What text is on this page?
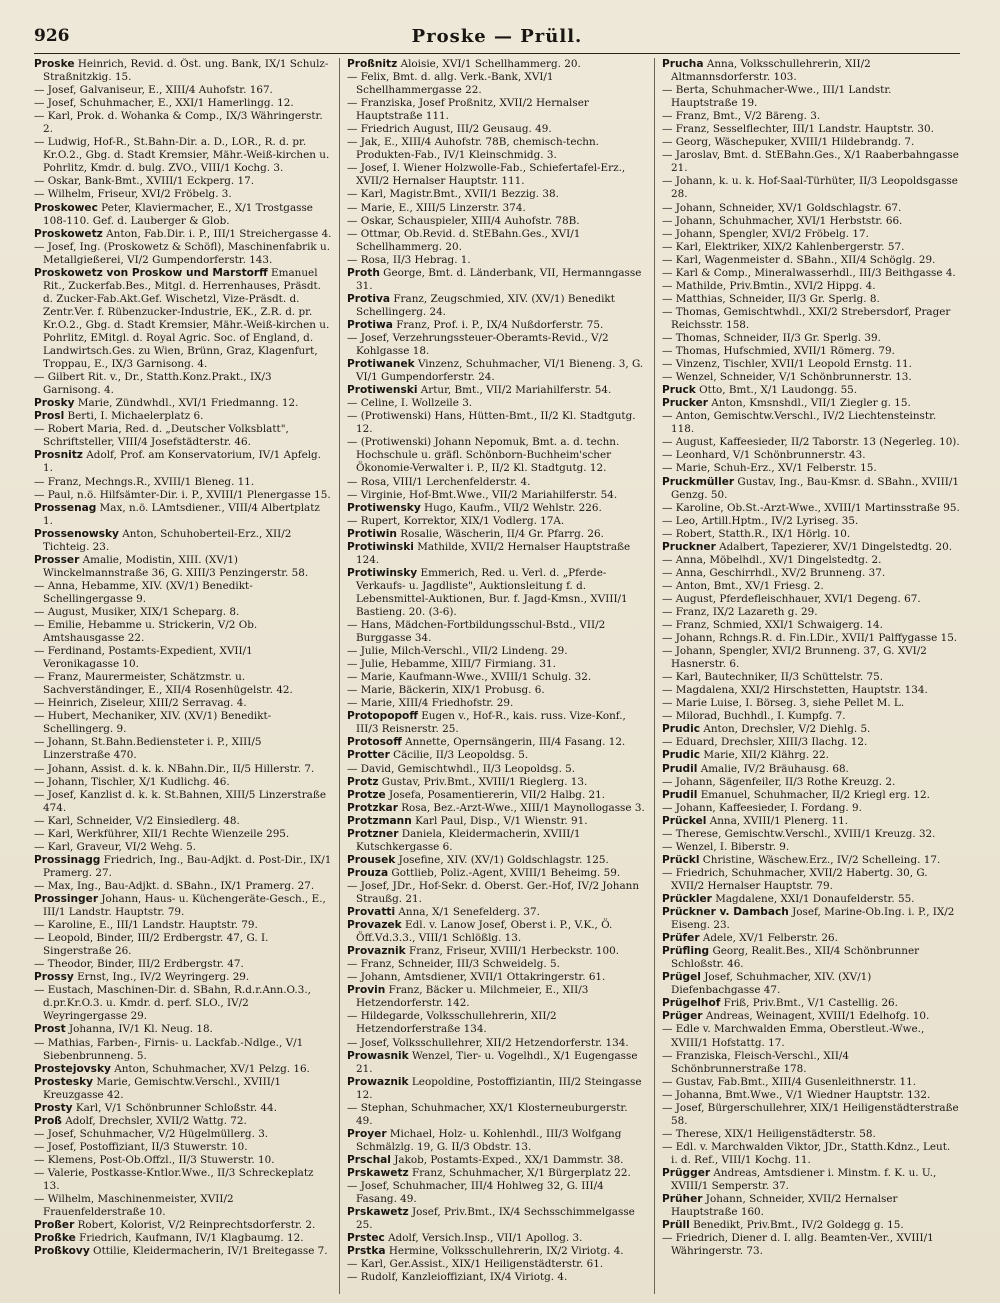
926	Proske — Prüll.

Proske Heinrich, Revid. d. Öst. ung. Bank, IX/1 Schulz-Straßnitzkig. 15.

— Josef, Galvaniseur, E., XIII/4 Auhofstr. 167.

— Josef, Schuhmacher, E., XXI/1 Hamerlingg. 12.

— Karl, Prok. d. Wohanka & Comp., IX/3 Währingerstr. 2.

— Ludwig, Hof-R., St.Bahn-Dir. a. D., LOR., R. d. pr. Kr.O.2., Gbg. d. Stadt Kremsier, Mähr.-Weiß-kirchen u. Pohrlitz, Kmdr. d. bulg. ZVO., VIII/1 Kochg. 3.

— Oskar, Bank-Bmt., XVIII/1 Eckperg. 17.

— Wilhelm, Friseur, XVI/2 Fröbelg. 3.

Proskowec Peter, Klaviermacher, E., X/1 Trostgasse 108-110. Gef. d. Lauberger & Glob.

Proskowetz Anton, Fab.Dir. i. P., III/1 Streichergasse 4.

— Josef, Ing. (Proskowetz & Schöfl), Maschinenfabrik u. Metallgießerei, VI/2 Gumpendorferstr. 143.

Proskowetz von Proskow und Marstorff Emanuel Rit., Zuckerfab.Bes., Mitgl. d. Herrenhauses, Präsdt. d. Zucker-Fab.Akt.Gef. Wischetzl, Vize-Präsdt. d. Zentr.Ver. f. Rübenzucker-Industrie, EK., Z.R. d. pr. Kr.O.2., Gbg. d. Stadt Kremsier, Mähr.-Weiß-kirchen u. Pohrlitz, EMitgl. d. Royal Agric. Soc. of England, d. Landwirtsch.Ges. zu Wien, Brünn, Graz, Klagenfurt, Troppau, E., IX/3 Garnisong. 4.

— Gilbert Rit. v., Dr., Statth.Konz.Prakt., IX/3 Garnisong. 4.

Prosky Marie, Zündwhdl., XVI/1 Friedmanng. 12.

Prosl Berti, I. Michaelerplatz 6.

— Robert Maria, Red. d. „Deutscher Volksblatt", Schriftsteller, VIII/4 Josefstädterstr. 46.

Prosnitz Adolf, Prof. am Konservatorium, IV/1 Apfelg. 1.

— Franz, Mechngs.R., XVIII/1 Bleneg. 11.

— Paul, n.ö. Hilfsämter-Dir. i. P., XVIII/1 Plenergasse 15.

Prossenag Max, n.ö. LAmtsdiener., VIII/4 Albertplatz 1.

Prossenowsky Anton, Schuhoberteil-Erz., XII/2 Tichteig. 23.

Prosser Amalie, Modistin, XIII. (XV/1) Winckelmannstraße 36, G. XIII/3 Penzingerstr. 58.

— Anna, Hebamme, XIV. (XV/1) Benedikt-Schellingergasse 9.

— August, Musiker, XIX/1 Scheparg. 8.

— Emilie, Hebamme u. Strickerin, V/2 Ob. Amtshausgasse 22.

— Ferdinand, Postamts-Expedient, XVII/1 Veronikagasse 10.

— Franz, Maurermeister, Schätzmstr. u. Sachverständinger, E., XII/4 Rosenhügelstr. 42.

— Heinrich, Ziseleur, XIII/2 Serravag. 4.

— Hubert, Mechaniker, XIV. (XV/1) Benedikt-Schellingerg. 9.

— Johann, St.Bahn.Bediensteter i. P., XIII/5 Linzerstraße 470.

— Johann, Assist. d. k. k. NBahn.Dir., II/5 Hillerstr. 7.

— Johann, Tischler, X/1 Kudlichg. 46.

— Josef, Kanzlist d. k. k. St.Bahnen, XIII/5 Linzerstraße 474.

— Karl, Schneider, V/2 Einsiedlerg. 48.

— Karl, Werkführer, XII/1 Rechte Wienzeile 295.

— Karl, Graveur, VI/2 Wehg. 5.

Prossinagg Friedrich, Ing., Bau-Adjkt. d. Post-Dir., IX/1 Pramerg. 27.

— Max, Ing., Bau-Adjkt. d. SBahn., IX/1 Pramerg. 27.

Prossinger Johann, Haus- u. Küchengeräte-Gesch., E., III/1 Landstr. Hauptstr. 79.

— Karoline, E., III/1 Landstr. Hauptstr. 79.

— Leopold, Binder, III/2 Erdbergstr. 47, G. I. Singerstraße 26.

— Theodor, Binder, III/2 Erdbergstr. 47.

Prossy Ernst, Ing., IV/2 Weyringerg. 29.

— Eustach, Maschinen-Dir. d. SBahn, R.d.r.Ann.O.3., d.pr.Kr.O.3. u. Kmdr. d. perf. SLO., IV/2 Weyringergasse 29.

Prost Johanna, IV/1 Kl. Neug. 18.

— Mathias, Farben-, Firnis- u. Lackfab.-Ndlge., V/1 Siebenbrunneng. 5.

Prostejovsky Anton, Schuhmacher, XV/1 Pelzg. 16.

Prostesky Marie, Gemischtw.Verschl., XVIII/1 Kreuzgasse 42.

Prosty Karl, V/1 Schönbrunner Schloßstr. 44.

Proß Adolf, Drechsler, XVII/2 Wattg. 72.

— Josef, Schuhmacher, V/2 Hügelmüllerg. 3.

— Josef, Postoffiziant, II/3 Stuwerstr. 10.

— Klemens, Post-Ob.Offzl., II/3 Stuwerstr. 10.

— Valerie, Postkasse-Kntlor.Wwe., II/3 Schreckeplatz 13.

— Wilhelm, Maschinenmeister, XVII/2 Frauenfelderstraße 10.

Proßer Robert, Kolorist, V/2 Reinprechtsdorferstr. 2.

Proßke Friedrich, Kaufmann, IV/1 Klagbaumg. 12.

Proßkovy Ottilie, Kleidermacherin, IV/1 Breitegasse 7.

Proßnitz Aloisie, XVI/1 Schellhammerg. 20.

— Felix, Bmt. d. allg. Verk.-Bank, XVI/1 Schellhammergasse 22.

— Franziska, Josef Proßnitz, XVII/2 Hernalser Hauptstraße 111.

— Friedrich August, III/2 Geusaug. 49.

— Jak, E., XIII/4 Auhofstr. 78B, chemisch-techn. Produkten-Fab., IV/1 Kleinschmidg. 3.

— Josef, I. Wiener Holzwolle-Fab., Schiefertafel-Erz., XVII/2 Hernalser Hauptstr. 111.

— Karl, Magistr.Bmt., XVII/1 Bezzig. 38.

— Marie, E., XIII/5 Linzerstr. 374.

— Oskar, Schauspieler, XIII/4 Auhofstr. 78B.

— Ottmar, Ob.Revid. d. StEBahn.Ges., XVI/1 Schellhammerg. 20.

— Rosa, II/3 Hebrag. 1.

Proth George, Bmt. d. Länderbank, VII, Hermanngasse 31.

Protiva Franz, Zeugschmied, XIV. (XV/1) Benedikt Schellingerg. 24.

Protiwa Franz, Prof. i. P., IX/4 Nußdorferstr. 75.

— Josef, Verzehrungssteuer-Oberamts-Revid., V/2 Kohlgasse 18.

Protiwanek Vinzenz, Schuhmacher, VI/1 Bieneng. 3, G. VI/1 Gumpendorferstr. 24.

Protiwenski Artur, Bmt., VII/2 Mariahilferstr. 54.

— Celine, I. Wollzeile 3.

— (Protiwenski) Hans, Hütten-Bmt., II/2 Kl. Stadtgutg. 12.

— (Protiwenski) Johann Nepomuk, Bmt. a. d. techn. Hochschule u. gräfl. Schönborn-Buchheim'scher Ökonomie-Verwalter i. P., II/2 Kl. Stadtgutg. 12.

— Rosa, VIII/1 Lerchenfelderstr. 4.

— Virginie, Hof-Bmt.Wwe., VII/2 Mariahilferstr. 54.

Protiwensky Hugo, Kaufm., VII/2 Wehlstr. 226.

— Rupert, Korrektor, XIX/1 Vodlerg. 17A.

Protiwin Rosalie, Wäscherin, II/4 Gr. Pfarrg. 26.

Protiwinski Mathilde, XVII/2 Hernalser Hauptstraße 124.

Protiwinsky Emmerich, Red. u. Verl. d. „Pferde-Verkaufs- u. Jagdliste", Auktionsleitung f. d. Lebensmittel-Auktionen, Bur. f. Jagd-Kmsn., XVIII/1 Bastieng. 20. (3-6).

— Hans, Mädchen-Fortbildungsschul-Bstd., VII/2 Burggasse 34.

— Julie, Milch-Verschl., VII/2 Lindeng. 29.

— Julie, Hebamme, XIII/7 Firmiang. 31.

— Marie, Kaufmann-Wwe., XVIII/1 Schulg. 32.

— Marie, Bäckerin, XIX/1 Probusg. 6.

— Marie, XIII/4 Friedhofstr. 29.

Protopopoff Eugen v., Hof-R., kais. russ. Vize-Konf., III/3 Reisnerstr. 25.

Protosoff Annette, Opernsängerin, III/4 Fasang. 12.

Protter Cäcilie, II/3 Leopoldsg. 5.

— David, Gemischtwhdl., II/3 Leopoldsg. 5.

Protz Gustav, Priv.Bmt., XVIII/1 Rieglerg. 13.

Protze Josefa, Posamentiererin, VII/2 Halbg. 21.

Protzkar Rosa, Bez.-Arzt-Wwe., XIII/1 Maynollogasse 3.

Protzmann Karl Paul, Disp., V/1 Wienstr. 91.

Protzner Daniela, Kleidermacherin, XVIII/1 Kutschkergasse 6.

Prousek Josefine, XIV. (XV/1) Goldschlagstr. 125.

Prouza Gottlieb, Poliz.-Agent, XVIII/1 Beheimg. 59.

— Josef, JDr., Hof-Sekr. d. Oberst. Ger.-Hof, IV/2 Johann Straußg. 21.

Provatti Anna, X/1 Senefelderg. 37.

Provazek Edl. v. Lanow Josef, Oberst i. P., V.K., Ö. Öff.Vd.3.3., VIII/1 Schlößlg. 13.

Provaznik Franz, Friseur, XVIII/1 Herbeckstr. 100.

— Franz, Schneider, III/3 Schweidelg. 5.

— Johann, Amtsdiener, XVII/1 Ottakringerstr. 61.

Provin Franz, Bäcker u. Milchmeier, E., XII/3 Hetzendorferstr. 142.

— Hildegarde, Volksschullehrerin, XII/2 Hetzendorferstraße 134.

— Josef, Volksschullehrer, XII/2 Hetzendorferstr. 134.

Prowasnik Wenzel, Tier- u. Vogelhdl., X/1 Eugengasse 21.

Prowaznik Leopoldine, Postoffiziantin, III/2 Steingasse 12.

— Stephan, Schuhmacher, XX/1 Klosterneuburgerstr. 49.

Proyer Michael, Holz- u. Kohlenhdl., III/3 Wolfgang Schmälzlg. 19, G. II/3 Obdstr. 13.

Prschal Jakob, Postamts-Exped., XX/1 Dammstr. 38.

Prskawetz Franz, Schuhmacher, X/1 Bürgerplatz 22.

— Josef, Schuhmacher, III/4 Hohlweg 32, G. III/4 Fasang. 49.

Prskawetz Josef, Priv.Bmt., IX/4 Sechsschimmelgasse 25.

Prstec Adolf, Versich.Insp., VII/1 Apollog. 3.

Prstka Hermine, Volksschullehrerin, IX/2 Viriotg. 4.

— Karl, Ger.Assist., XIX/1 Heiligenstädterstr. 61.

— Rudolf, Kanzleioffiziant, IX/4 Viriotg. 4.

Prucha Anna, Volksschullehrerin, XII/2 Altmannsdorferstr. 103.

— Berta, Schuhmacher-Wwe., III/1 Landstr. Hauptstraße 19.

— Franz, Bmt., V/2 Bäreng. 3.

— Franz, Sesselflechter, III/1 Landstr. Hauptstr. 30.

— Georg, Wäschepuker, XVIII/1 Hildebrandg. 7.

— Jaroslav, Bmt. d. StEBahn.Ges., X/1 Raaberbahngasse 21.

— Johann, k. u. k. Hof-Saal-Türhüter, II/3 Leopoldsgasse 28.

— Johann, Schneider, XV/1 Goldschlagstr. 67.

— Johann, Schuhmacher, XVI/1 Herbststr. 66.

— Johann, Spengler, XVI/2 Fröbelg. 17.

— Karl, Elektriker, XIX/2 Kahlenbergerstr. 57.

— Karl, Wagenmeister d. SBahn., XII/4 Schöglg. 29.

— Karl & Comp., Mineralwasserhdl., III/3 Beithgasse 4.

— Mathilde, Priv.Bmtin., XVI/2 Hippg. 4.

— Matthias, Schneider, II/3 Gr. Sperlg. 8.

— Thomas, Gemischtwhdl., XXI/2 Strebersdorf, Prager Reichsstr. 158.

— Thomas, Schneider, II/3 Gr. Sperlg. 39.

— Thomas, Hufschmied, XVII/1 Römerg. 79.

— Vinzenz, Tischler, XVII/1 Leopold Ernstg. 11.

— Wenzel, Schneider, V/1 Schönbrunnerstr. 13.

Pruck Otto, Bmt., X/1 Laudongg. 55.

Prucker Anton, Kmsnshdl., VII/1 Ziegler g. 15.

— Anton, Gemischtw.Verschl., IV/2 Liechtensteinstr. 118.

— August, Kaffeesieder, II/2 Taborstr. 13 (Negerleg. 10).

— Leonhard, V/1 Schönbrunnerstr. 43.

— Marie, Schuh-Erz., XV/1 Felberstr. 15.

Pruckmüller Gustav, Ing., Bau-Kmsr. d. SBahn., XVIII/1 Genzg. 50.

— Karoline, Ob.St.-Arzt-Wwe., XVIII/1 Martinsstraße 95.

— Leo, Artill.Hptm., IV/2 Lyriseg. 35.

— Robert, Statth.R., IX/1 Hörlg. 10.

Pruckner Adalbert, Tapezierer, XV/1 Dingelstedtg. 20.

— Anna, Möbelhdl., XV/1 Dingelstedtg. 2.

— Anna, Geschirrhdl., XV/2 Brunneng. 37.

— Anton, Bmt., XV/1 Friesg. 2.

— August, Pferdefleischhauer, XVI/1 Degeng. 67.

— Franz, IX/2 Lazareth g. 29.

— Franz, Schmied, XXI/1 Schwaigerg. 14.

— Johann, Rchngs.R. d. Fin.LDir., XVII/1 Palffygasse 15.

— Johann, Spengler, XVI/2 Brunneng. 37, G. XVI/2 Hasnerstr. 6.

— Karl, Bautechniker, II/3 Schüttelstr. 75.

— Magdalena, XXI/2 Hirschstetten, Hauptstr. 134.

— Marie Luise, I. Börseg. 3, siehe Pellet M. L.

— Milorad, Buchhdl., I. Kumpfg. 7.

Prudic Anton, Drechsler, V/2 Diehlg. 5.

— Eduard, Drechsler, XIII/3 Ilachg. 12.

Prudic Marie, XII/2 Klährg. 22.

Prudil Amalie, IV/2 Bräuhausg. 68.

— Johann, Sägenfeiler, II/3 Rothe Kreuzg. 2.

Prudil Emanuel, Schuhmacher, II/2 Kriegl erg. 12.

— Johann, Kaffeesieder, I. Fordang. 9.

Prückel Anna, XVIII/1 Plenerg. 11.

— Therese, Gemischtw.Verschl., XVIII/1 Kreuzg. 32.

— Wenzel, I. Biberstr. 9.

Prückl Christine, Wäschew.Erz., IV/2 Schelleing. 17.

— Friedrich, Schuhmacher, XVII/2 Habertg. 30, G. XVII/2 Hernalser Hauptstr. 79.

Prückler Magdalene, XXI/1 Donaufelderstr. 55.

Prückner v. Dambach Josef, Marine-Ob.Ing. i. P., IX/2 Eiseng. 23.

Prüfer Adele, XV/1 Felberstr. 26.

Prüfling Georg, Realit.Bes., XII/4 Schönbrunner Schloßstr. 46.

Prügel Josef, Schuhmacher, XIV. (XV/1) Diefenbachgasse 47.

Prügelhof Friß, Priv.Bmt., V/1 Castellig. 26.

Prüger Andreas, Weinagent, XVIII/1 Edelhofg. 10.

— Edle v. Marchwalden Emma, Oberstleut.-Wwe., XVIII/1 Hofstattg. 17.

— Franziska, Fleisch-Verschl., XII/4 Schönbrunnerstraße 178.

— Gustav, Fab.Bmt., XIII/4 Gusenleithnerstr. 11.

— Johanna, Bmt.Wwe., V/1 Wiedner Hauptstr. 132.

— Josef, Bürgerschullehrer, XIX/1 Heiligenstädterstraße 58.

— Therese, XIX/1 Heiligenstädterstr. 58.

— Edl. v. Marchwalden Viktor, JDr., Statth.Kdnz., Leut. i. d. Ref., VIII/1 Kochg. 11.

Prügger Andreas, Amtsdiener i. Minstm. f. K. u. U., XVIII/1 Semperstr. 37.

Prüher Johann, Schneider, XVII/2 Hernalser Hauptstraße 160.

Prüll Benedikt, Priv.Bmt., IV/2 Goldegg g. 15.

— Friedrich, Diener d. I. allg. Beamten-Ver., XVIII/1 Währingerstr. 73.
